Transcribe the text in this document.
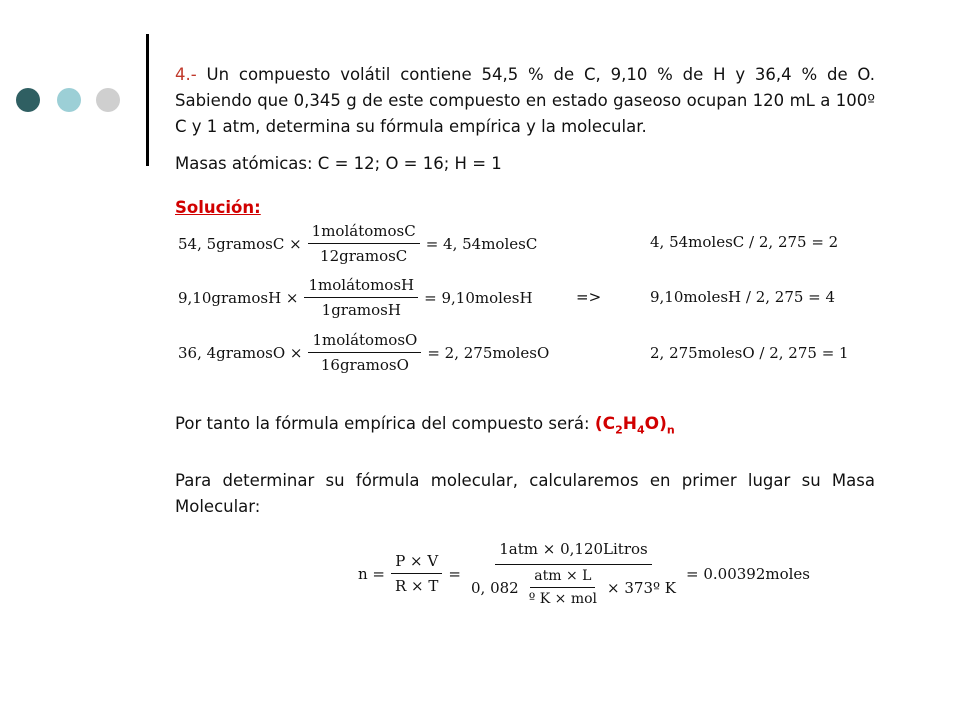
4.- Un compuesto volátil contiene 54,5 % de C, 9,10 % de H y 36,4 % de O. Sabiendo que 0,345 g de este compuesto en estado gaseoso ocupan 120 mL a 100º C y 1 atm, determina su fórmula empírica y la molecular.
Masas atómicas: C = 12; O = 16; H = 1
Solución:
54, 5gramosC × $\frac{\text{1molátomosC}}{\text{12gramosC}} = 4$, 54molesC
9,10gramosH × $\frac{\text{1molátomosH}}{\text{1gramosH}}$ = 9,10molesH
36, 4gramosO × $\frac{\text{1molátomosO}}{\text{16gramosO}} = 2$, 275molesO
=>
4, 54molesC / 2, 275 = 2
9,10molesH / 2, 275 = 4
2, 275molesO / 2, 275 = 1
Por tanto la fórmula empírica del compuesto será: $(C_2H_4O)_n$
Para determinar su fórmula molecular, calcularemos en primer lugar su Masa Molecular:
$n = \frac{P \times V}{R \times T}$ =
1atm × 0,120Litros
0, $082 \frac{\text{atm × L}}{\text{º K × mol}}$ × 373º K
= 0.00392moles
